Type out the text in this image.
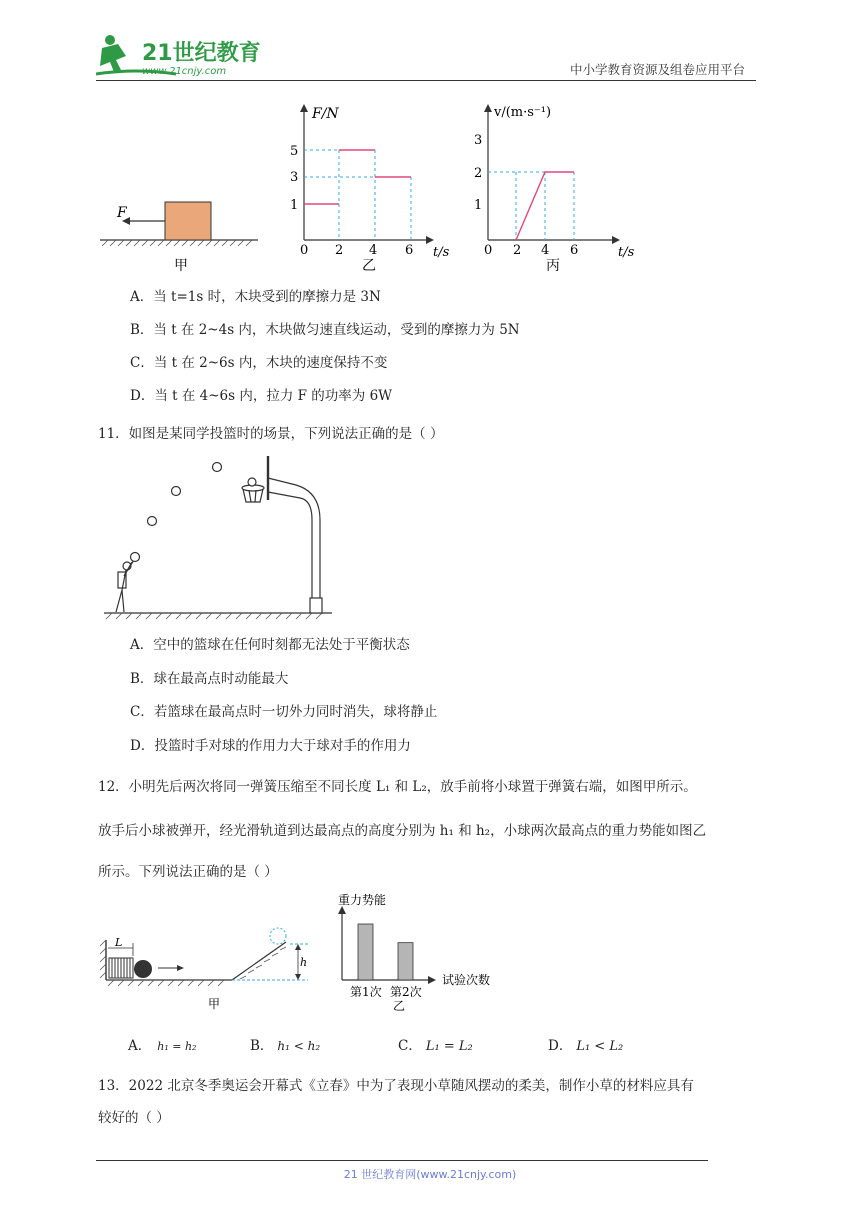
21世纪教育
www.21cnjy.com	中小学教育资源及组卷应用平台
F
甲
F/N
t/s
0 2 4 6
1
3
5
乙
v/(m·s⁻¹)
t/s
0 2 4 6
1
2
3
丙
A．当 t=1s 时，木块受到的摩擦力是 3N
B．当 t 在 2~4s 内，木块做匀速直线运动，受到的摩擦力为 5N
C．当 t 在 2~6s 内，木块的速度保持不变
D．当 t 在 4~6s 内，拉力 F 的功率为 6W
11．如图是某同学投篮时的场景，下列说法正确的是（ ）
A．空中的篮球在任何时刻都无法处于平衡状态
B．球在最高点时动能最大
C．若篮球在最高点时一切外力同时消失，球将静止
D．投篮时手对球的作用力大于球对手的作用力
12．小明先后两次将同一弹簧压缩至不同长度 L₁ 和 L₂，放手前将小球置于弹簧右端，如图甲所示。
放手后小球被弹开，经光滑轨道到达最高点的高度分别为 h₁ 和 h₂，小球两次最高点的重力势能如图乙
所示。下列说法正确的是（ ）
L
h
甲
重力势能
试验次数
第1次 第2次
乙
A． h₁ = h₂	B． h₁ < h₂	C． L₁ = L₂	D． L₁ < L₂
13．2022 北京冬季奥运会开幕式《立春》中为了表现小草随风摆动的柔美，制作小草的材料应具有
较好的（ ）
21 世纪教育网(www.21cnjy.com)
